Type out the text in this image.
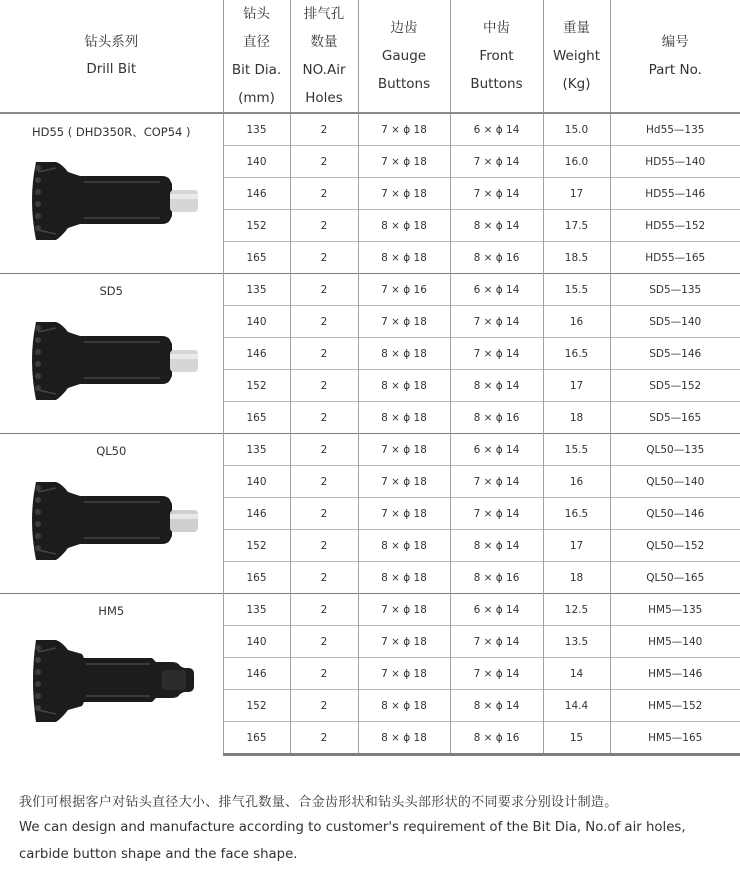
钻头系列
Drill Bit	钻头
直径
Bit Dia.
(mm)	排气孔
数量
NO.Air
Holes	边齿
Gauge
Buttons	中齿
Front
Buttons	重量
Weight
(Kg)	编号
Part No.

HD55 ( DHD350R、COP54 )	135	2	7 × ϕ 18	6 × ϕ 14	15.0	Hd55—135
	140	2	7 × ϕ 18	7 × ϕ 14	16.0	HD55—140
	146	2	7 × ϕ 18	7 × ϕ 14	17	HD55—146
	152	2	8 × ϕ 18	8 × ϕ 14	17.5	HD55—152
	165	2	8 × ϕ 18	8 × ϕ 16	18.5	HD55—165

SD5	135	2	7 × ϕ 16	6 × ϕ 14	15.5	SD5—135
	140	2	7 × ϕ 18	7 × ϕ 14	16	SD5—140
	146	2	8 × ϕ 18	7 × ϕ 14	16.5	SD5—146
	152	2	8 × ϕ 18	8 × ϕ 14	17	SD5—152
	165	2	8 × ϕ 18	8 × ϕ 16	18	SD5—165

QL50	135	2	7 × ϕ 18	6 × ϕ 14	15.5	QL50—135
	140	2	7 × ϕ 18	7 × ϕ 14	16	QL50—140
	146	2	7 × ϕ 18	7 × ϕ 14	16.5	QL50—146
	152	2	8 × ϕ 18	8 × ϕ 14	17	QL50—152
	165	2	8 × ϕ 18	8 × ϕ 16	18	QL50—165

HM5	135	2	7 × ϕ 18	6 × ϕ 14	12.5	HM5—135
	140	2	7 × ϕ 18	7 × ϕ 14	13.5	HM5—140
	146	2	7 × ϕ 18	7 × ϕ 14	14	HM5—146
	152	2	8 × ϕ 18	8 × ϕ 14	14.4	HM5—152
	165	2	8 × ϕ 18	8 × ϕ 16	15	HM5—165
我们可根据客户对钻头直径大小、排气孔数量、合金齿形状和钻头头部形状的不同要求分别设计制造。
We can design and manufacture according to customer's requirement of the Bit Dia, No.of air holes,
carbide button shape and the face shape.
